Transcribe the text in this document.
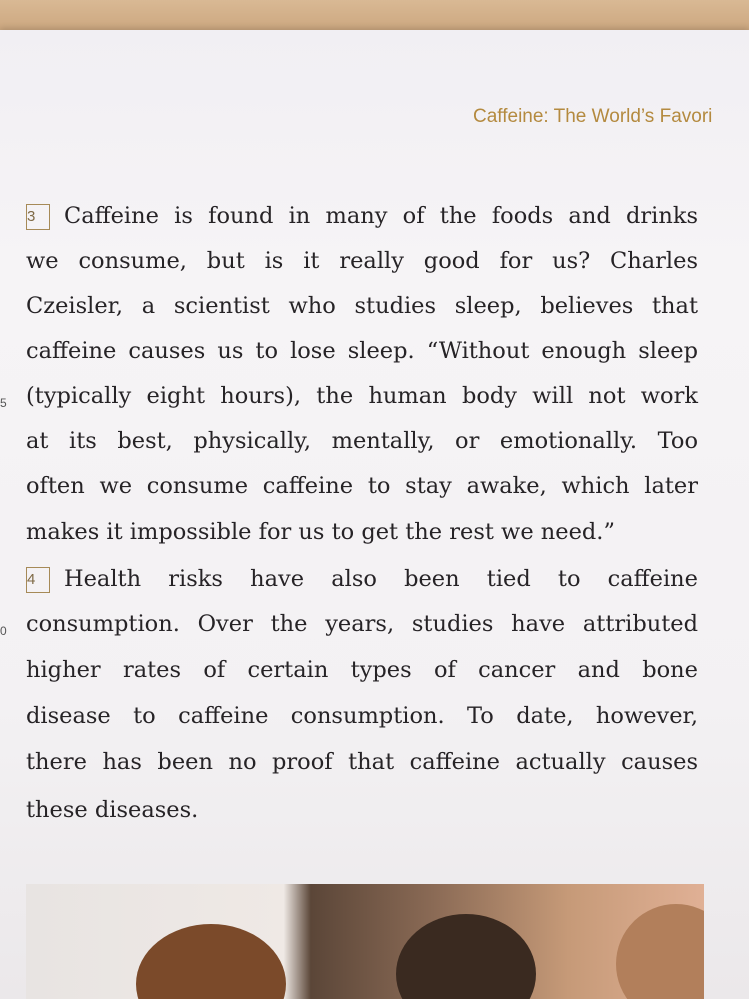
Caffeine: The World’s Favori
3 Caffeine is found in many of the foods and drinks
we consume, but is it really good for us? Charles
Czeisler, a scientist who studies sleep, believes that
caffeine causes us to lose sleep. “Without enough sleep
(typically eight hours), the human body will not work
at its best, physically, mentally, or emotionally. Too
often we consume caffeine to stay awake, which later
makes it impossible for us to get the rest we need.”
4 Health risks have also been tied to caffeine
consumption. Over the years, studies have attributed
higher rates of certain types of cancer and bone
disease to caffeine consumption. To date, however,
there has been no proof that caffeine actually causes
these diseases.
5
0
